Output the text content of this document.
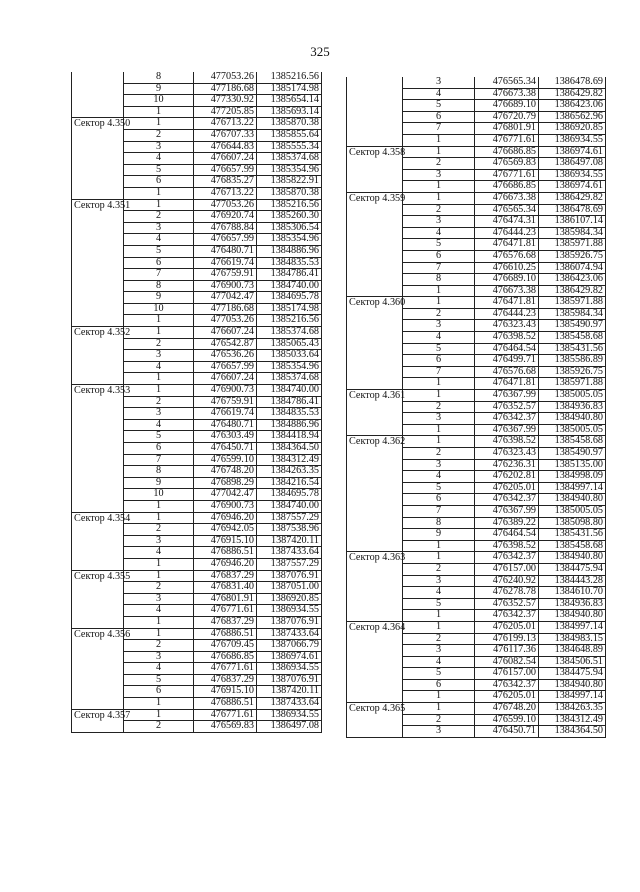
325
	8	477053.26	1385216.56
	9	477186.68	1385174.98
	10	477330.92	1385654.14
	1	477205.85	1385693.14
Сектор 4.350	1	476713.22	1385870.38
	2	476707.33	1385855.64
	3	476644.83	1385555.34
	4	476607.24	1385374.68
	5	476657.99	1385354.96
	6	476835.27	1385822.91
	1	476713.22	1385870.38
Сектор 4.351	1	477053.26	1385216.56
	2	476920.74	1385260.30
	3	476788.84	1385306.54
	4	476657.99	1385354.96
	5	476480.71	1384886.96
	6	476619.74	1384835.53
	7	476759.91	1384786.41
	8	476900.73	1384740.00
	9	477042.47	1384695.78
	10	477186.68	1385174.98
	1	477053.26	1385216.56
Сектор 4.352	1	476607.24	1385374.68
	2	476542.87	1385065.43
	3	476536.26	1385033.64
	4	476657.99	1385354.96
	1	476607.24	1385374.68
Сектор 4.353	1	476900.73	1384740.00
	2	476759.91	1384786.41
	3	476619.74	1384835.53
	4	476480.71	1384886.96
	5	476303.49	1384418.94
	6	476450.71	1384364.50
	7	476599.10	1384312.49
	8	476748.20	1384263.35
	9	476898.29	1384216.54
	10	477042.47	1384695.78
	1	476900.73	1384740.00
Сектор 4.354	1	476946.20	1387557.29
	2	476942.05	1387538.96
	3	476915.10	1387420.11
	4	476886.51	1387433.64
	1	476946.20	1387557.29
Сектор 4.355	1	476837.29	1387076.91
	2	476831.40	1387051.00
	3	476801.91	1386920.85
	4	476771.61	1386934.55
	1	476837.29	1387076.91
Сектор 4.356	1	476886.51	1387433.64
	2	476709.45	1387066.79
	3	476686.85	1386974.61
	4	476771.61	1386934.55
	5	476837.29	1387076.91
	6	476915.10	1387420.11
	1	476886.51	1387433.64
Сектор 4.357	1	476771.61	1386934.55
	2	476569.83	1386497.08
	3	476565.34	1386478.69
	4	476673.38	1386429.82
	5	476689.10	1386423.06
	6	476720.79	1386562.96
	7	476801.91	1386920.85
	1	476771.61	1386934.55
Сектор 4.358	1	476686.85	1386974.61
	2	476569.83	1386497.08
	3	476771.61	1386934.55
	1	476686.85	1386974.61
Сектор 4.359	1	476673.38	1386429.82
	2	476565.34	1386478.69
	3	476474.31	1386107.14
	4	476444.23	1385984.34
	5	476471.81	1385971.88
	6	476576.68	1385926.75
	7	476610.25	1386074.94
	8	476689.10	1386423.06
	1	476673.38	1386429.82
Сектор 4.360	1	476471.81	1385971.88
	2	476444.23	1385984.34
	3	476323.43	1385490.97
	4	476398.52	1385458.68
	5	476464.54	1385431.56
	6	476499.71	1385586.89
	7	476576.68	1385926.75
	1	476471.81	1385971.88
Сектор 4.361	1	476367.99	1385005.05
	2	476352.57	1384936.83
	3	476342.37	1384940.80
	1	476367.99	1385005.05
Сектор 4.362	1	476398.52	1385458.68
	2	476323.43	1385490.97
	3	476236.31	1385135.00
	4	476202.81	1384998.09
	5	476205.01	1384997.14
	6	476342.37	1384940.80
	7	476367.99	1385005.05
	8	476389.22	1385098.80
	9	476464.54	1385431.56
	1	476398.52	1385458.68
Сектор 4.363	1	476342.37	1384940.80
	2	476157.00	1384475.94
	3	476240.92	1384443.28
	4	476278.78	1384610.70
	5	476352.57	1384936.83
	1	476342.37	1384940.80
Сектор 4.364	1	476205.01	1384997.14
	2	476199.13	1384983.15
	3	476117.36	1384648.89
	4	476082.54	1384506.51
	5	476157.00	1384475.94
	6	476342.37	1384940.80
	1	476205.01	1384997.14
Сектор 4.365	1	476748.20	1384263.35
	2	476599.10	1384312.49
	3	476450.71	1384364.50
